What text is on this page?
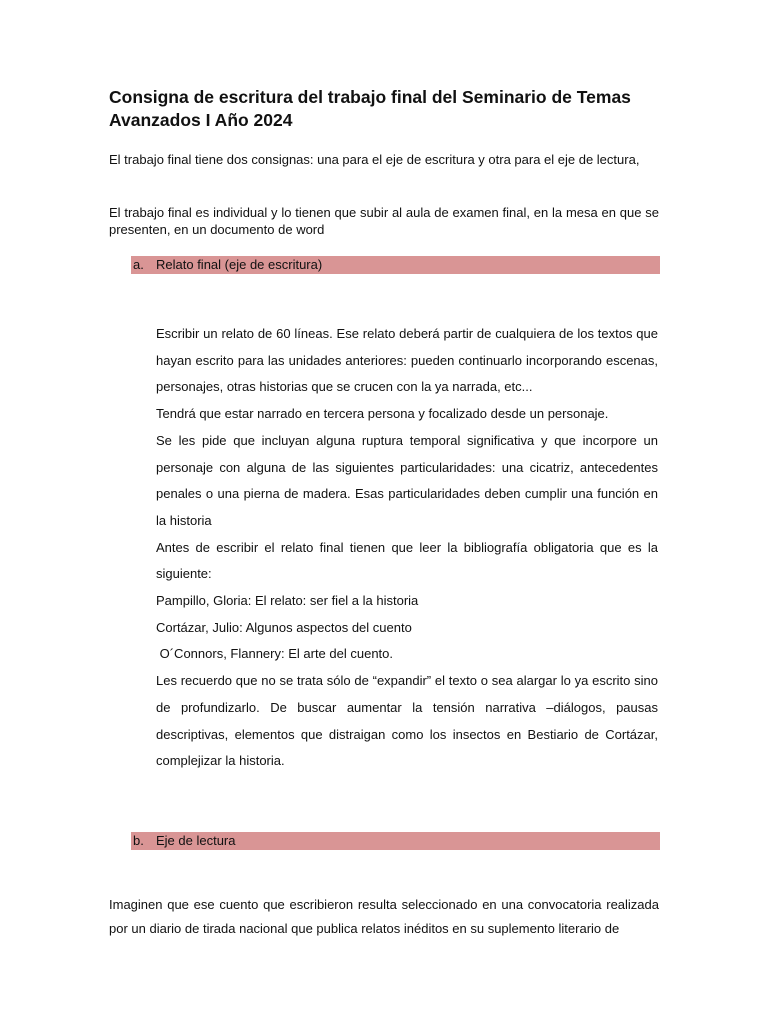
Consigna de escritura del trabajo final del Seminario de Temas Avanzados I Año 2024

El trabajo final tiene dos consignas: una para el eje de escritura y otra para el eje de lectura,

El trabajo final es individual y lo tienen que subir al aula de examen final, en la mesa en que se presenten, en un documento de word

a. Relato final (eje de escritura)

Escribir un relato de 60 líneas. Ese relato deberá partir de cualquiera de los textos que hayan escrito para las unidades anteriores: pueden continuarlo incorporando escenas, personajes, otras historias que se crucen con la ya narrada, etc...

Tendrá que estar narrado en tercera persona y focalizado desde un personaje.

Se les pide que incluyan alguna ruptura temporal significativa y que incorpore un personaje con alguna de las siguientes particularidades: una cicatriz, antecedentes penales o una pierna de madera. Esas particularidades deben cumplir una función en la historia

Antes de escribir el relato final tienen que leer la bibliografía obligatoria que es la siguiente:

Pampillo, Gloria: El relato: ser fiel a la historia

Cortázar, Julio: Algunos aspectos del cuento

O´Connors, Flannery: El arte del cuento.

Les recuerdo que no se trata sólo de “expandir” el texto o sea alargar lo ya escrito sino de profundizarlo. De buscar aumentar la tensión narrativa –diálogos, pausas descriptivas, elementos que distraigan como los insectos en Bestiario de Cortázar, complejizar la historia.

b. Eje de lectura

Imaginen que ese cuento que escribieron resulta seleccionado en una convocatoria realizada por un diario de tirada nacional que publica relatos inéditos en su suplemento literario de
